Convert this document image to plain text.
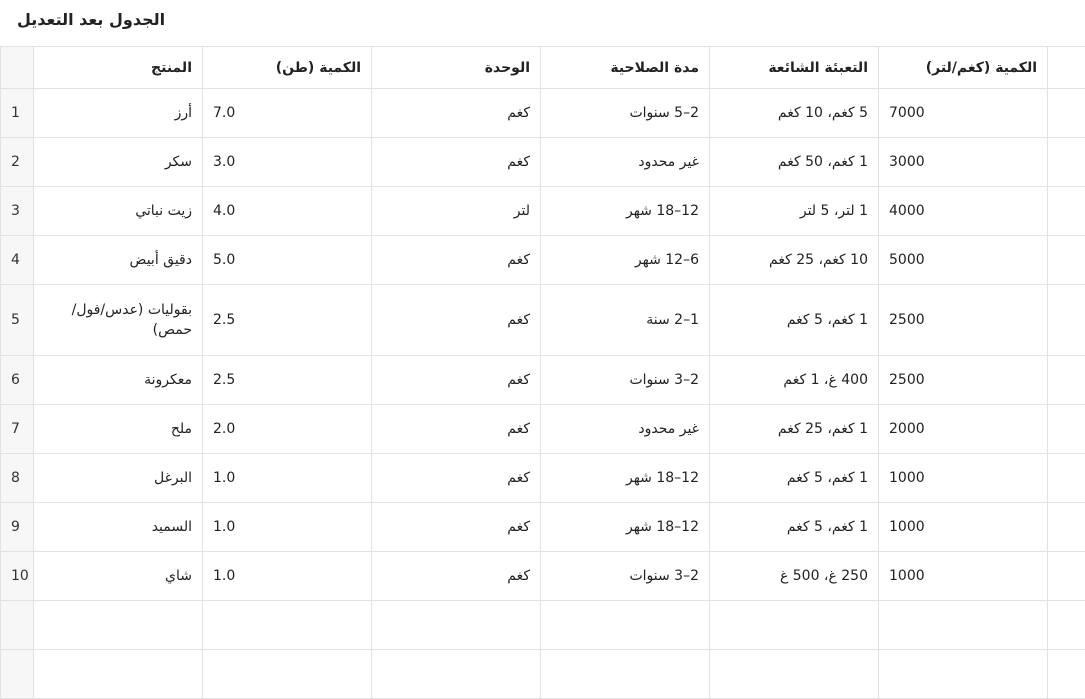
الجدول بعد التعديل
	المنتج	الكمية (طن)	الوحدة	مدة الصلاحية	التعبئة الشائعة	الكمية (كغم/لتر)	
1	أرز	7.0	كغم	2–5 سنوات	5 كغم، 10 كغم	7000	
2	سكر	3.0	كغم	غير محدود	1 كغم، 50 كغم	3000	
3	زيت نباتي	4.0	لتر	12–18 شهر	1 لتر، 5 لتر	4000	
4	دقيق أبيض	5.0	كغم	6–12 شهر	10 كغم، 25 كغم	5000	
5	بقوليات (عدس/فول/حمص)	2.5	كغم	1–2 سنة	1 كغم، 5 كغم	2500	
6	معكرونة	2.5	كغم	2–3 سنوات	400 غ، 1 كغم	2500	
7	ملح	2.0	كغم	غير محدود	1 كغم، 25 كغم	2000	
8	البرغل	1.0	كغم	12–18 شهر	1 كغم، 5 كغم	1000	
9	السميد	1.0	كغم	12–18 شهر	1 كغم، 5 كغم	1000	
10	شاي	1.0	كغم	2–3 سنوات	250 غ، 500 غ	1000	
